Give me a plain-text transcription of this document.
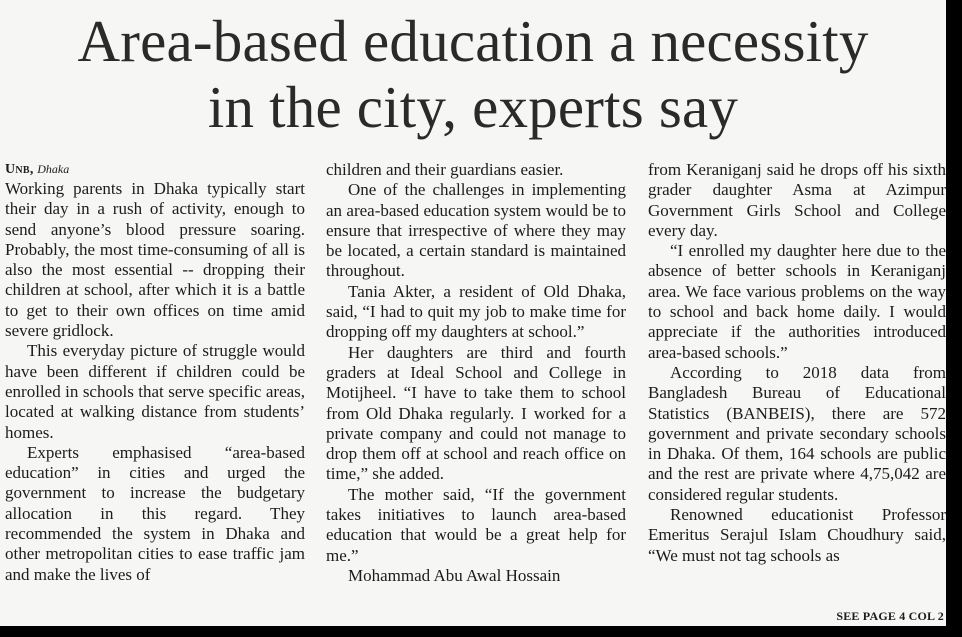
Area-based education a necessity
in the city, experts say

Unb, Dhaka

Working parents in Dhaka typically start their day in a rush of activity, enough to send anyone’s blood pressure soaring. Probably, the most time-consuming of all is also the most essential -- dropping their children at school, after which it is a battle to get to their own offices on time amid severe gridlock.

This everyday picture of struggle would have been different if children could be enrolled in schools that serve specific areas, located at walking distance from students’ homes.

Experts emphasised “area-based education” in cities and urged the government to increase the budgetary allocation in this regard. They recommended the system in Dhaka and other metropolitan cities to ease traffic jam and make the lives of

children and their guardians easier.

One of the challenges in implementing an area-based education system would be to ensure that irrespective of where they may be located, a certain standard is maintained throughout.

Tania Akter, a resident of Old Dhaka, said, “I had to quit my job to make time for dropping off my daughters at school.”

Her daughters are third and fourth graders at Ideal School and College in Motijheel. “I have to take them to school from Old Dhaka regularly. I worked for a private company and could not manage to drop them off at school and reach office on time,” she added.

The mother said, “If the government takes initiatives to launch area-based education that would be a great help for me.”

Mohammad Abu Awal Hossain

from Keraniganj said he drops off his sixth grader daughter Asma at Azimpur Government Girls School and College every day.

“I enrolled my daughter here due to the absence of better schools in Keraniganj area. We face various problems on the way to school and back home daily. I would appreciate if the authorities introduced area-based schools.”

According to 2018 data from Bangladesh Bureau of Educational Statistics (BANBEIS), there are 572 government and private secondary schools in Dhaka. Of them, 164 schools are public and the rest are private where 4,75,042 are considered regular students.

Renowned educationist Professor Emeritus Serajul Islam Choudhury said, “We must not tag schools as

SEE PAGE 4 COL 2
